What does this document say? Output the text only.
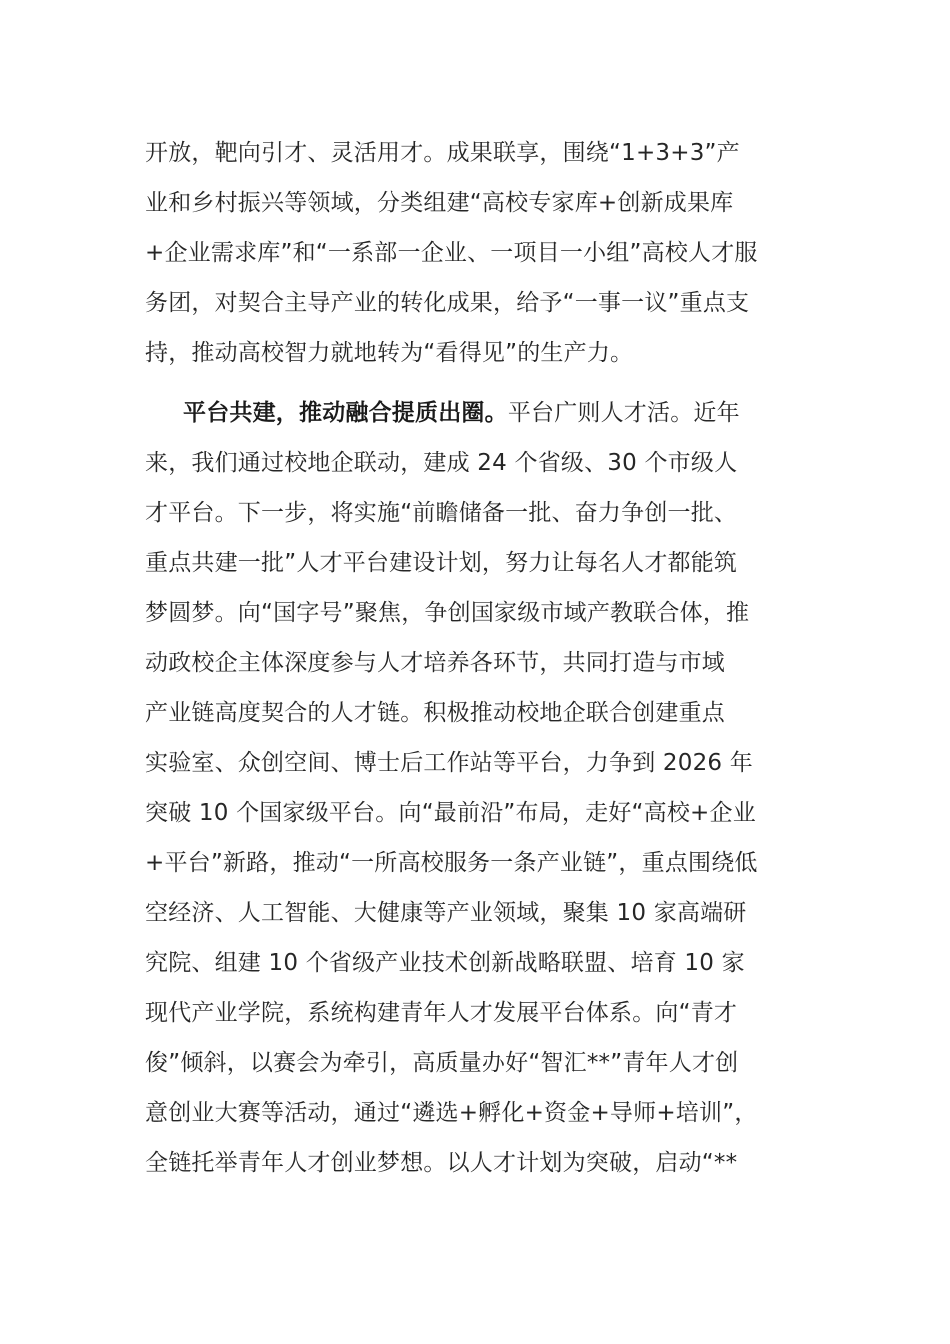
开放，靶向引才、灵活用才。成果联享，围绕“1+3+3”产
业和乡村振兴等领域，分类组建“高校专家库+创新成果库
+企业需求库”和“一系部一企业、一项目一小组”高校人才服
务团，对契合主导产业的转化成果，给予“一事一议”重点支
持，推动高校智力就地转为“看得见”的生产力。
平台共建，推动融合提质出圈。平台广则人才活。近年
来，我们通过校地企联动，建成 24 个省级、30 个市级人
才平台。下一步，将实施“前瞻储备一批、奋力争创一批、
重点共建一批”人才平台建设计划，努力让每名人才都能筑
梦圆梦。向“国字号”聚焦，争创国家级市域产教联合体，推
动政校企主体深度参与人才培养各环节，共同打造与市域
产业链高度契合的人才链。积极推动校地企联合创建重点
实验室、众创空间、博士后工作站等平台，力争到 2026 年
突破 10 个国家级平台。向“最前沿”布局，走好“高校+企业
+平台”新路，推动“一所高校服务一条产业链”，重点围绕低
空经济、人工智能、大健康等产业领域，聚集 10 家高端研
究院、组建 10 个省级产业技术创新战略联盟、培育 10 家
现代产业学院，系统构建青年人才发展平台体系。向“青才
俊”倾斜，以赛会为牵引，高质量办好“智汇**”青年人才创
意创业大赛等活动，通过“遴选+孵化+资金+导师+培训”，
全链托举青年人才创业梦想。以人才计划为突破，启动“**
